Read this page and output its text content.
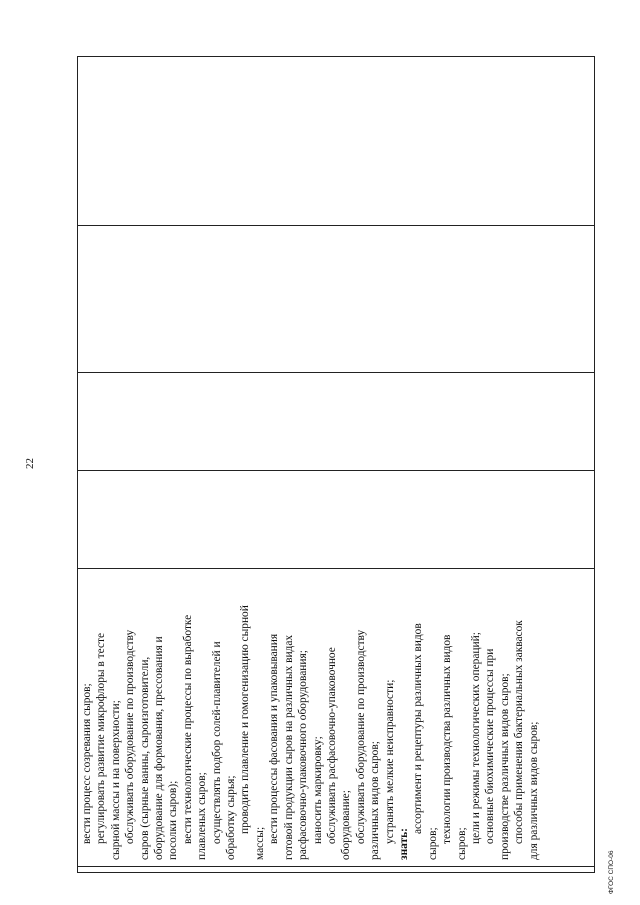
22

вести процесс созревания сыров; регулировать развитие микрофлоры в тесте сырной массы и на поверхности; обслуживать оборудование по производству сыров (сырные ванны, сыроизготовители, оборудование для формования, прессования и посолки сыров); вести технологические процессы по выработке плавленых сыров; осуществлять подбор солей-плавителей и обработку сырья; проводить плавление и гомогенизацию сырной
массы; вести процессы фасования и упаковывания готовой продукции сыров на различных видах расфасовочно-упаковочного оборудования; наносить маркировку; обслуживать расфасовочно-упаковочное оборудование; обслуживать оборудование по производству различных видов сыров; устранять мелкие неисправности;
знать:
ассортимент и рецептуры различных видов
сыров; технологии производства различных видов сыров; цели и режимы технологических операций; основные биохимические процессы при производстве различных видов сыров; способы применения бактериальных заквасок для различных видов сыров;

ФГОС СПО-06
